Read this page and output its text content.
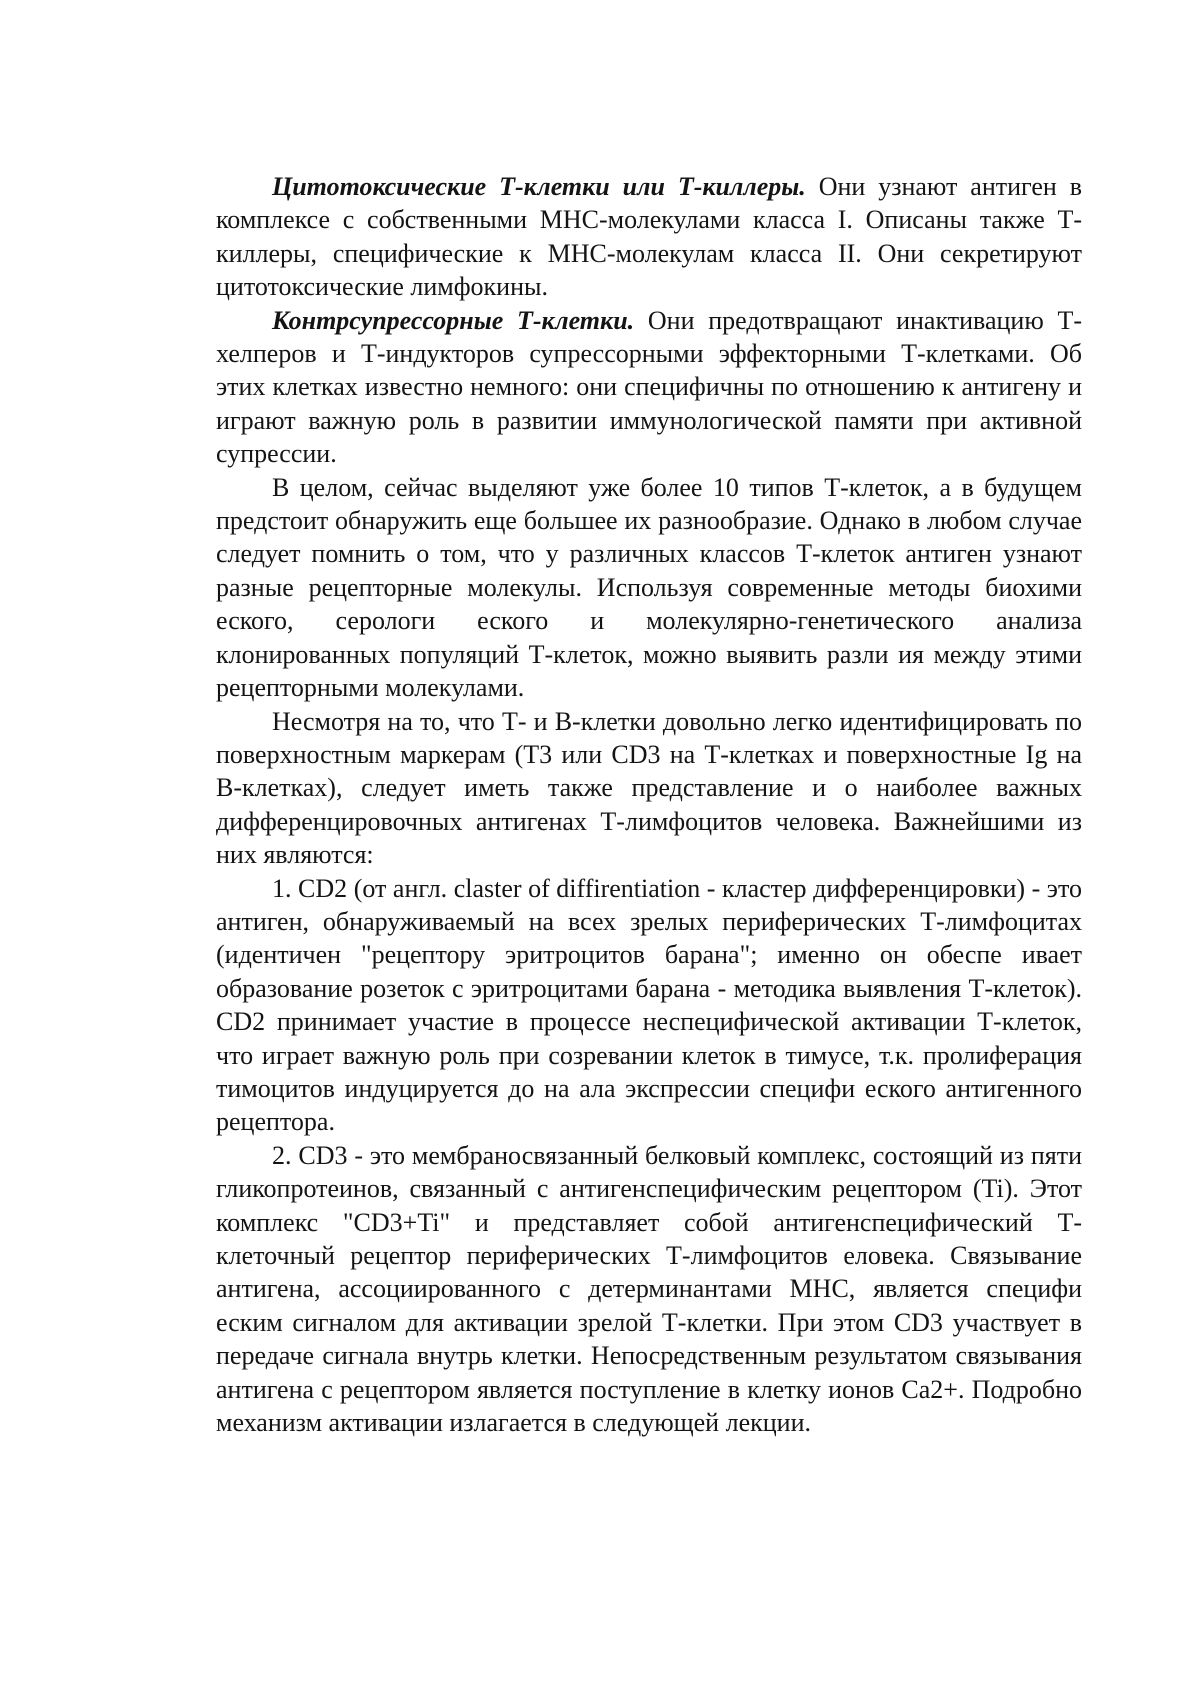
Цитотоксические Т-клетки или Т-киллеры. Они узнают антиген в комплексе с собственными МНС-молекулами класса I. Описаны также Т-киллеры, специфические к МНС-молекулам класса II. Они секретируют цитотоксические лимфокины.

Контрсупрессорные Т-клетки. Они предотвращают инактивацию Т-хелперов и Т-индукторов супрессорными эффекторными Т-клетками. Об этих клетках известно немного: они специфичны по отношению к антигену и играют важную роль в развитии иммунологической памяти при активной супрессии.

В целом, сейчас выделяют уже более 10 типов Т-клеток, а в будущем предстоит обнаружить еще большее их разнообразие. Однако в любом случае следует помнить о том, что у различных классов Т-клеток антиген узнают разные рецепторные молекулы. Используя современные методы биохими еского, серологи еского и молекулярно-генетического анализа клонированных популяций Т-клеток, можно выявить разли ия между этими рецепторными молекулами.

Несмотря на то, что Т- и В-клетки довольно легко идентифицировать по поверхностным маркерам (Т3 или CD3 на Т-клетках и поверхностные Ig на В-клетках), следует иметь также представление и о наиболее важных дифференцировочных антигенах Т-лимфоцитов человека. Важнейшими из них являются:

1. CD2 (от англ. claster of diffirentiation - кластер дифференцировки) - это антиген, обнаруживаемый на всех зрелых периферических Т-лимфоцитах (идентичен "рецептору эритроцитов барана"; именно он обеспе ивает образование розеток с эритроцитами барана - методика выявления Т-клеток). CD2 принимает участие в процессе неспецифической активации Т-клеток, что играет важную роль при созревании клеток в тимусе, т.к. пролиферация тимоцитов индуцируется до на ала экспрессии специфи еского антигенного рецептора.

2. CD3 - это мембраносвязанный белковый комплекс, состоящий из пяти гликопротеинов, связанный с антигенспецифическим рецептором (Ti). Этот комплекс "CD3+Ti" и представляет собой антигенспецифический Т-клеточный рецептор периферических Т-лимфоцитов еловека. Связывание антигена, ассоциированного с детерминантами МНС, является специфи еским сигналом для активации зрелой Т-клетки. При этом CD3 участвует в передаче сигнала внутрь клетки. Непосредственным результатом связывания антигена с рецептором является поступление в клетку ионов Са2+. Подробно механизм активации излагается в следующей лекции.
